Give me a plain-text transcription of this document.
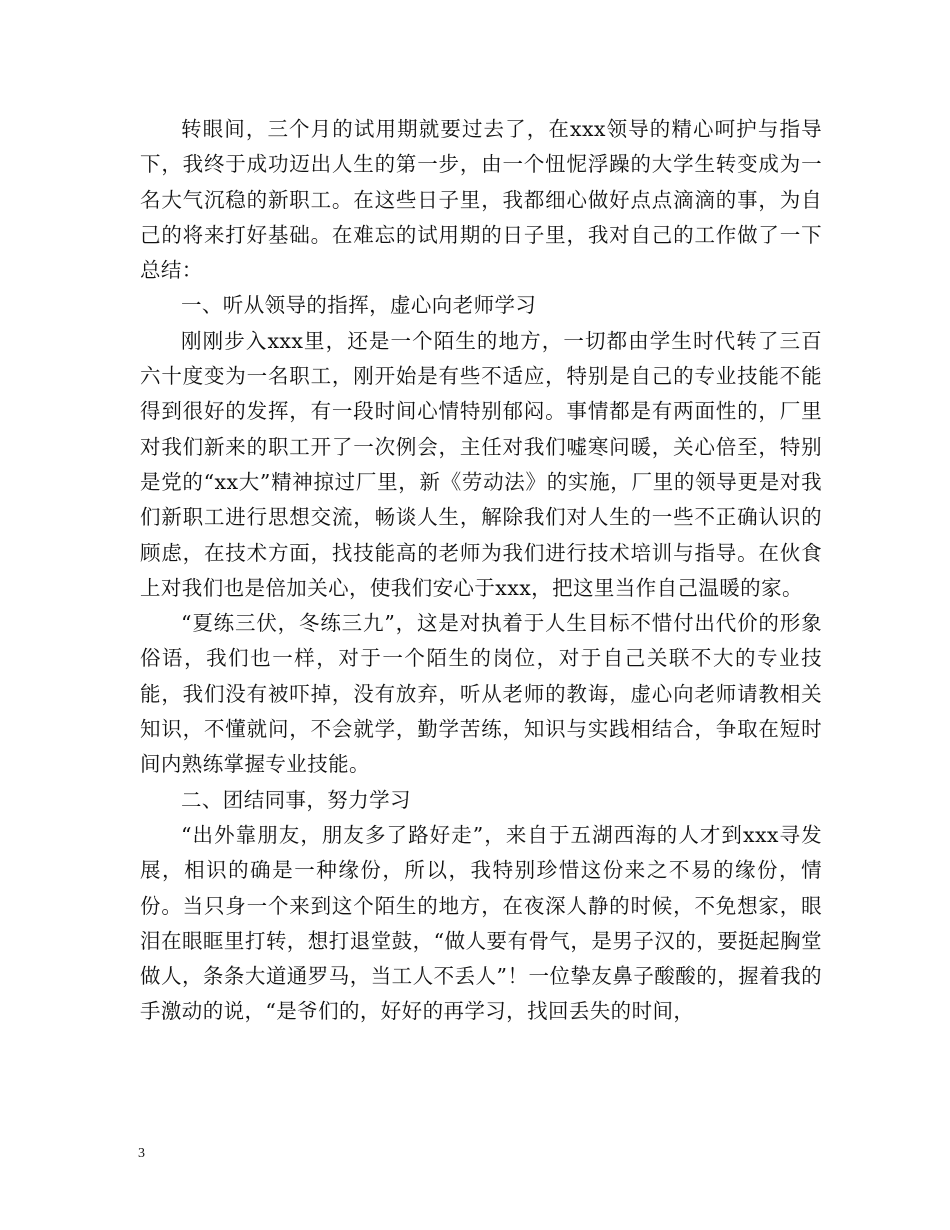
转眼间，三个月的试用期就要过去了，在xxx领导的精心呵护与指导下，我终于成功迈出人生的第一步，由一个忸怩浮躁的大学生转变成为一名大气沉稳的新职工。在这些日子里，我都细心做好点点滴滴的事，为自己的将来打好基础。在难忘的试用期的日子里，我对自己的工作做了一下总结：

一、听从领导的指挥，虚心向老师学习

刚刚步入xxx里，还是一个陌生的地方，一切都由学生时代转了三百六十度变为一名职工，刚开始是有些不适应，特别是自己的专业技能不能得到很好的发挥，有一段时间心情特别郁闷。事情都是有两面性的，厂里对我们新来的职工开了一次例会，主任对我们嘘寒问暖，关心倍至，特别是党的“xx大”精神掠过厂里，新《劳动法》的实施，厂里的领导更是对我们新职工进行思想交流，畅谈人生，解除我们对人生的一些不正确认识的顾虑，在技术方面，找技能高的老师为我们进行技术培训与指导。在伙食上对我们也是倍加关心，使我们安心于xxx，把这里当作自己温暖的家。

“夏练三伏，冬练三九”，这是对执着于人生目标不惜付出代价的形象俗语，我们也一样，对于一个陌生的岗位，对于自己关联不大的专业技能，我们没有被吓掉，没有放弃，听从老师的教诲，虚心向老师请教相关知识，不懂就问，不会就学，勤学苦练，知识与实践相结合，争取在短时间内熟练掌握专业技能。

二、团结同事，努力学习

“出外靠朋友，朋友多了路好走”，来自于五湖西海的人才到xxx寻发展，相识的确是一种缘份，所以，我特别珍惜这份来之不易的缘份，情份。当只身一个来到这个陌生的地方，在夜深人静的时候，不免想家，眼泪在眼眶里打转，想打退堂鼓，“做人要有骨气，是男子汉的，要挺起胸堂做人，条条大道通罗马，当工人不丢人”！一位挚友鼻子酸酸的，握着我的手激动的说，“是爷们的，好好的再学习，找回丢失的时间，

3
